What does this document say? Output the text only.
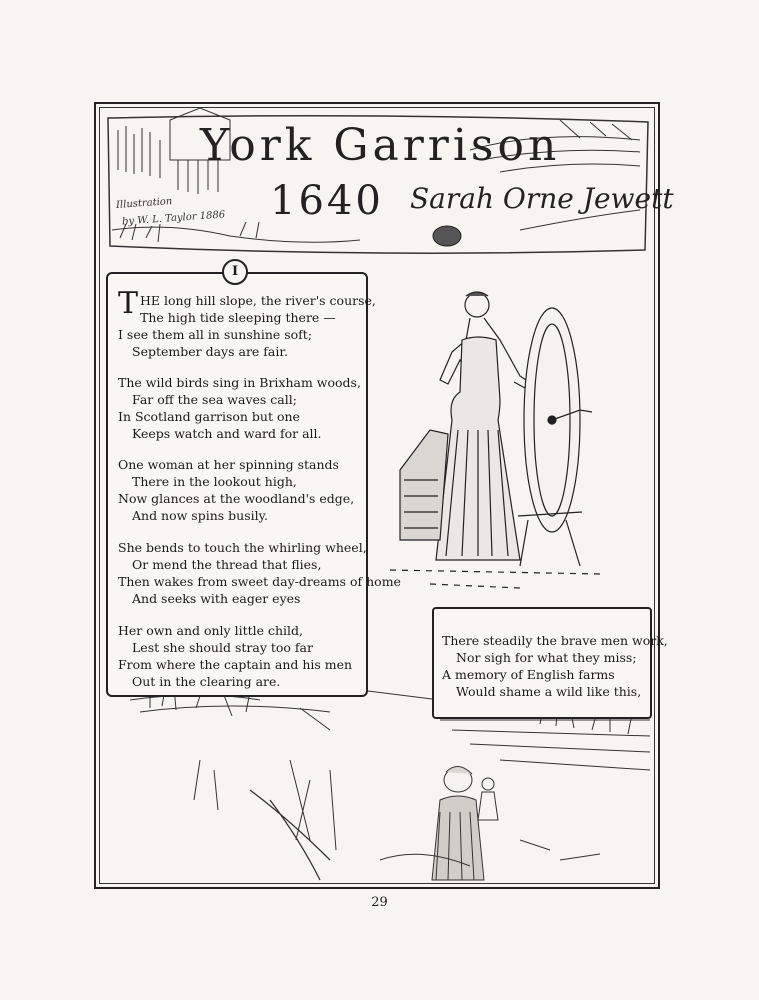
York Garrison
1640 Sarah Orne Jewett
Illustration
by W. L. Taylor 1886
I
T HE long hill slope, the river's course,
The high tide sleeping there —
I see them all in sunshine soft;
September days are fair.
The wild birds sing in Brixham woods,
Far off the sea waves call;
In Scotland garrison but one
Keeps watch and ward for all.
One woman at her spinning stands
There in the lookout high,
Now glances at the woodland's edge,
And now spins busily.
She bends to touch the whirling wheel,
Or mend the thread that flies,
Then wakes from sweet day-dreams of home
And seeks with eager eyes
Her own and only little child,
Lest she should stray too far
From where the captain and his men
Out in the clearing are.
There steadily the brave men work,
Nor sigh for what they miss;
A memory of English farms
Would shame a wild like this,
29
